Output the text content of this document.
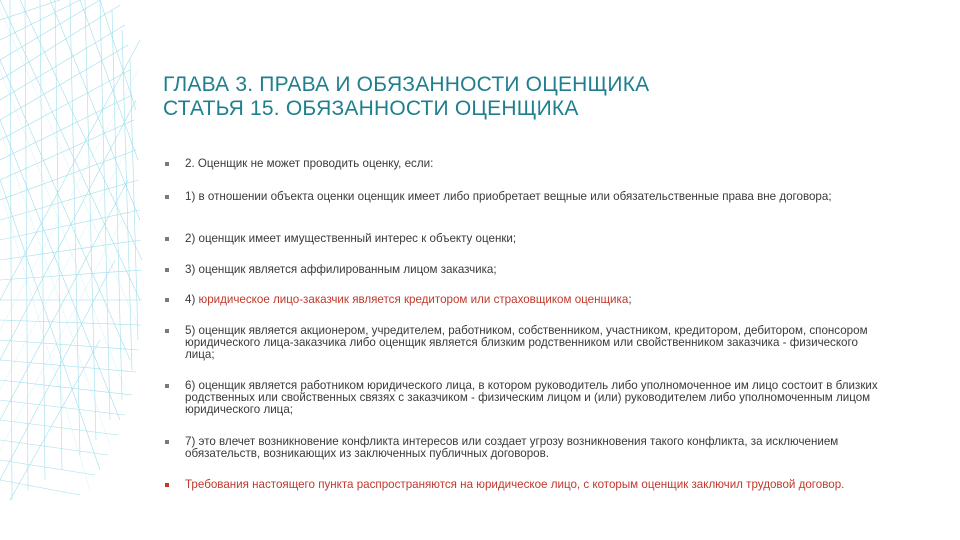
ГЛАВА 3. ПРАВА И ОБЯЗАННОСТИ ОЦЕНЩИКА
СТАТЬЯ 15. ОБЯЗАННОСТИ ОЦЕНЩИКА
2. Оценщик не может проводить оценку, если:
1) в отношении объекта оценки оценщик имеет либо приобретает вещные или обязательственные права вне договора;
2) оценщик имеет имущественный интерес к объекту оценки;
3) оценщик является аффилированным лицом заказчика;
4) юридическое лицо-заказчик является кредитором или страховщиком оценщика;
5) оценщик является акционером, учредителем, работником, собственником, участником, кредитором, дебитором, спонсором юридического лица-заказчика либо оценщик является близким родственником или свойственником заказчика - физического лица;
6) оценщик является работником юридического лица, в котором руководитель либо уполномоченное им лицо состоит в близких родственных или свойственных связях с заказчиком - физическим лицом и (или) руководителем либо уполномоченным лицом юридического лица;
7) это влечет возникновение конфликта интересов или создает угрозу возникновения такого конфликта, за исключением обязательств, возникающих из заключенных публичных договоров.
Требования настоящего пункта распространяются на юридическое лицо, с которым оценщик заключил трудовой договор.
